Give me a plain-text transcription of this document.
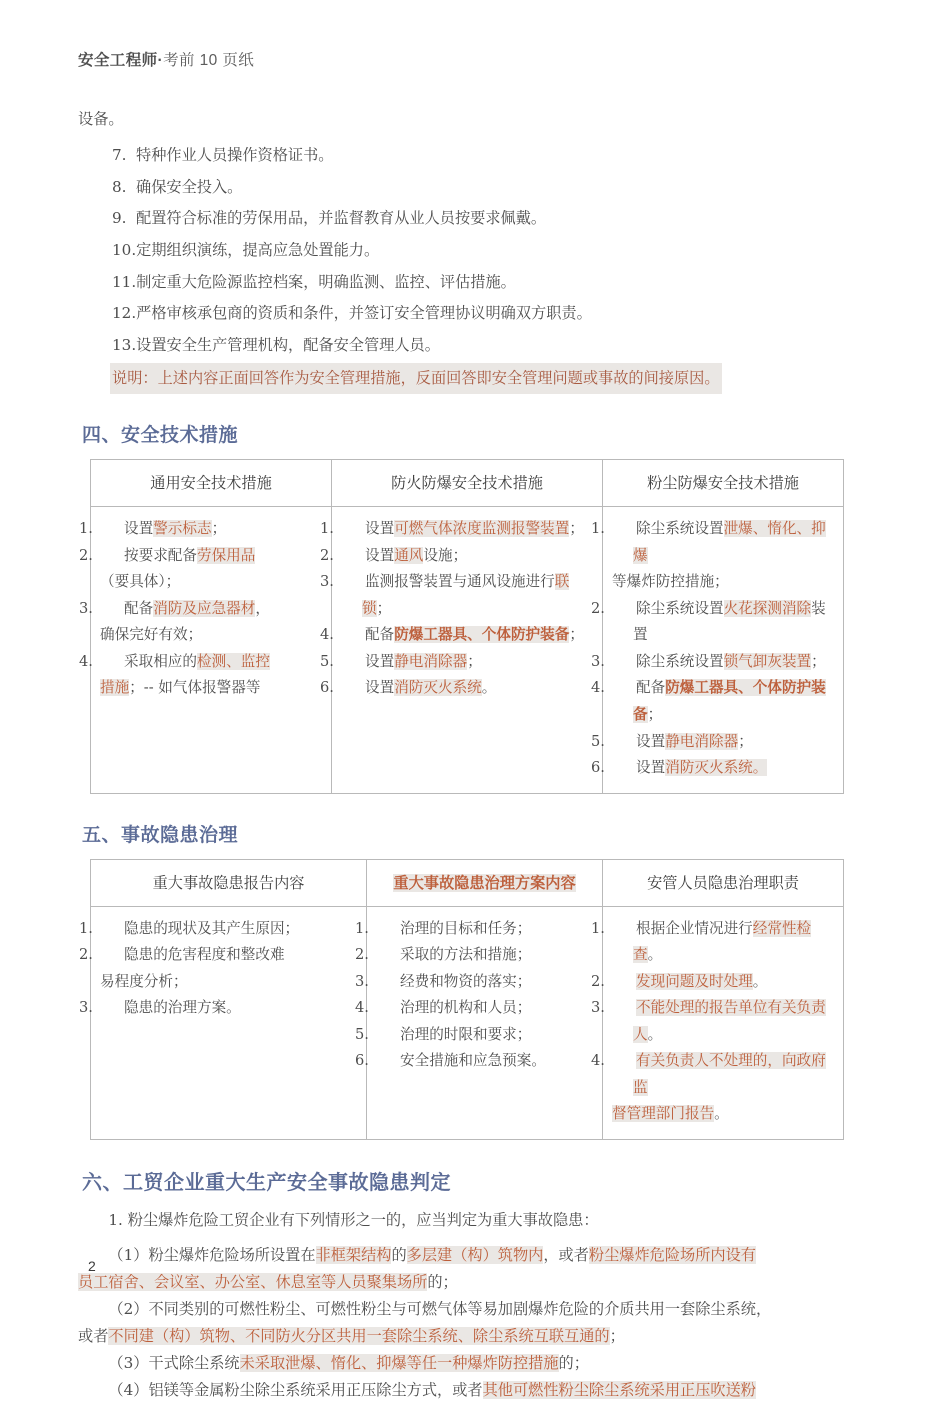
安全工程师·考前 10 页纸

设备。

7. 特种作业人员操作资格证书。

8. 确保安全投入。

9. 配置符合标准的劳保用品，并监督教育从业人员按要求佩戴。

10.定期组织演练，提高应急处置能力。

11.制定重大危险源监控档案，明确监测、监控、评估措施。

12.严格审核承包商的资质和条件，并签订安全管理协议明确双方职责。

13.设置安全生产管理机构，配备安全管理人员。

说明：上述内容正面回答作为安全管理措施，反面回答即安全管理问题或事故的间接原因。

四、安全技术措施
通用安全技术措施	防火防爆安全技术措施	粉尘防爆安全技术措施

1. 设置警示标志；
2. 按要求配备劳保用品
（要具体）；
3. 配备消防及应急器材，
确保完好有效；
4. 采取相应的检测、监控
措施；-- 如气体报警器等

1. 设置可燃气体浓度监测报警装置；
2. 设置通风设施；
3. 监测报警装置与通风设施进行联锁；
4. 配备防爆工器具、个体防护装备；
5. 设置静电消除器；
6. 设置消防灭火系统。

1. 除尘系统设置泄爆、惰化、抑爆
等爆炸防控措施；
2. 除尘系统设置火花探测消除装置
3. 除尘系统设置锁气卸灰装置；
4. 配备防爆工器具、个体防护装备；
5. 设置静电消除器；
6. 设置消防灭火系统。
五、事故隐患治理
重大事故隐患报告内容	重大事故隐患治理方案内容	安管人员隐患治理职责

1. 隐患的现状及其产生原因；
2. 隐患的危害程度和整改难
易程度分析；
3. 隐患的治理方案。

1. 治理的目标和任务；
2. 采取的方法和措施；
3. 经费和物资的落实；
4. 治理的机构和人员；
5. 治理的时限和要求；
6. 安全措施和应急预案。

1. 根据企业情况进行经常性检查。
2. 发现问题及时处理。
3. 不能处理的报告单位有关负责人。
4. 有关负责人不处理的，向政府监
督管理部门报告。
六、工贸企业重大生产安全事故隐患判定

1. 粉尘爆炸危险工贸企业有下列情形之一的，应当判定为重大事故隐患：

（1）粉尘爆炸危险场所设置在非框架结构的多层建（构）筑物内，或者粉尘爆炸危险场所内设有

员工宿舍、会议室、办公室、休息室等人员聚集场所的；

（2）不同类别的可燃性粉尘、可燃性粉尘与可燃气体等易加剧爆炸危险的介质共用一套除尘系统，

或者不同建（构）筑物、不同防火分区共用一套除尘系统、除尘系统互联互通的；

（3）干式除尘系统未采取泄爆、惰化、抑爆等任一种爆炸防控措施的；

（4）铝镁等金属粉尘除尘系统采用正压除尘方式，或者其他可燃性粉尘除尘系统采用正压吹送粉

2
